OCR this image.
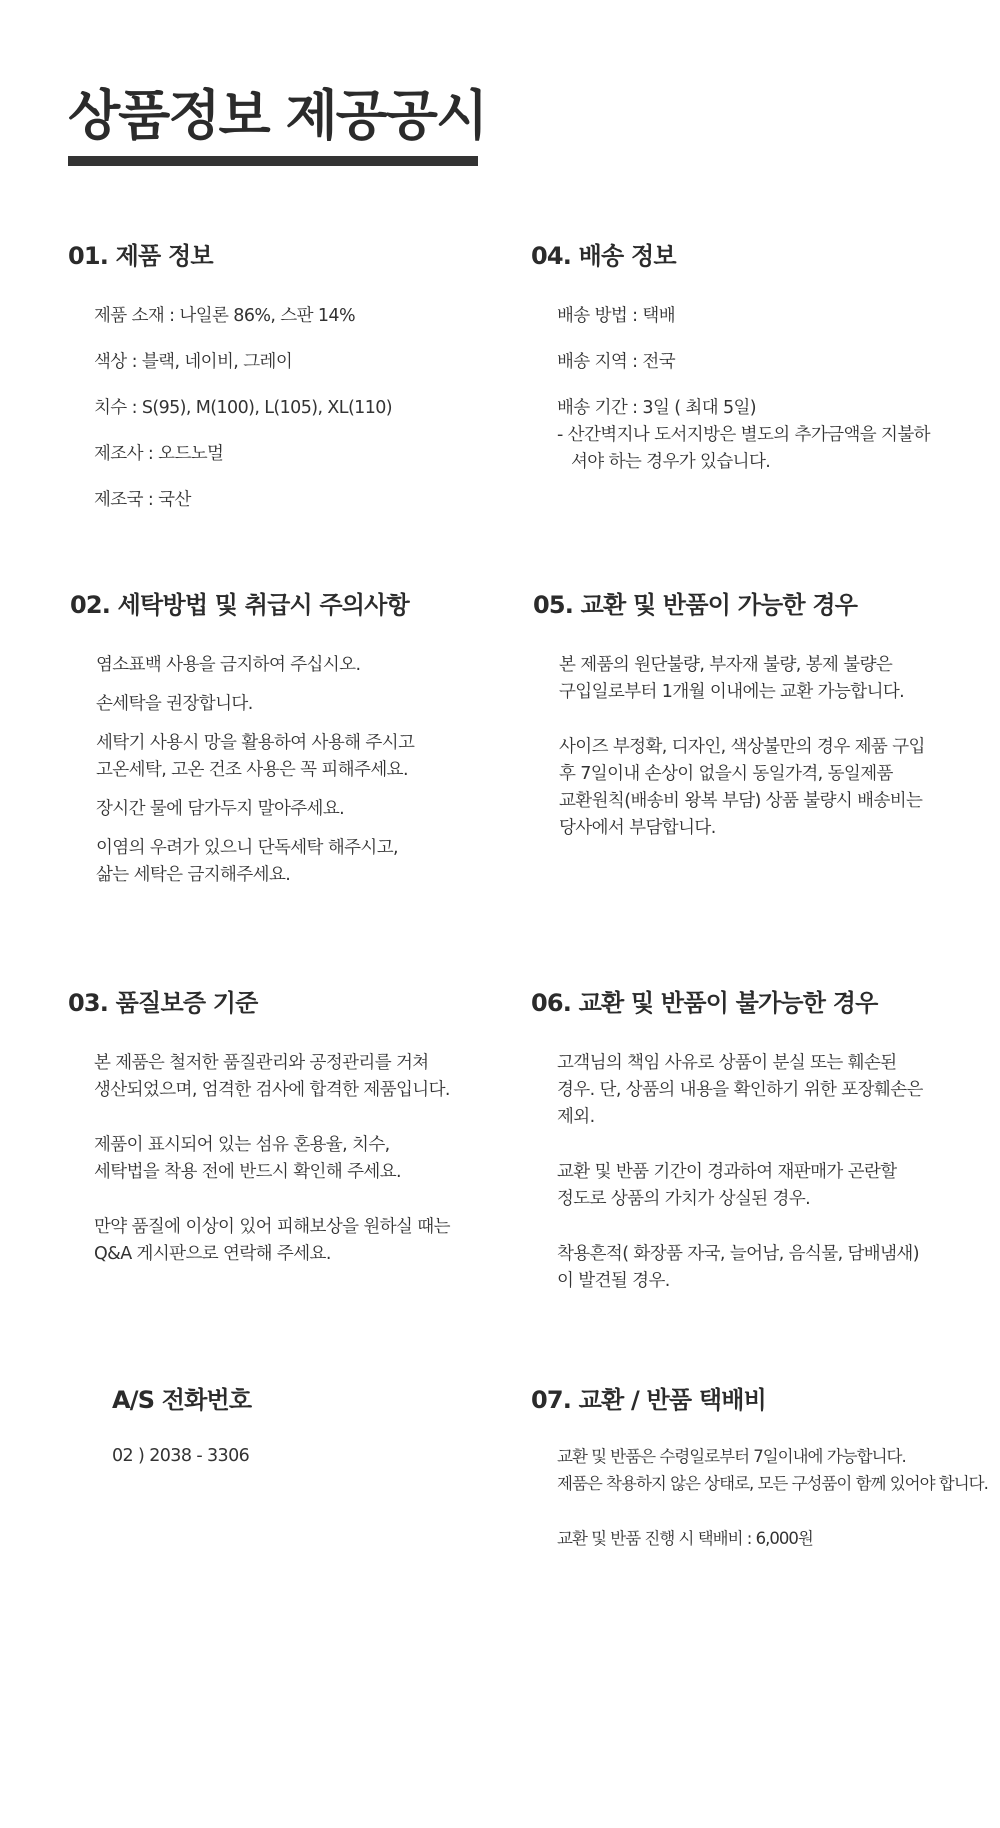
상품정보 제공공시
01. 제품 정보
제품 소재 : 나일론 86%, 스판 14%
색상 : 블랙, 네이비, 그레이
치수 : S(95), M(100), L(105), XL(110)
제조사 : 오드노멀
제조국 : 국산
02. 세탁방법 및 취급시 주의사항
염소표백 사용을 금지하여 주십시오.
손세탁을 권장합니다.
세탁기 사용시 망을 활용하여 사용해 주시고
고온세탁, 고온 건조 사용은 꼭 피해주세요.
장시간 물에 담가두지 말아주세요.
이염의 우려가 있으니 단독세탁 해주시고,
삶는 세탁은 금지해주세요.
03. 품질보증 기준
본 제품은 철저한 품질관리와 공정관리를 거쳐
생산되었으며, 엄격한 검사에 합격한 제품입니다.
제품이 표시되어 있는 섬유 혼용율, 치수,
세탁법을 착용 전에 반드시 확인해 주세요.
만약 품질에 이상이 있어 피해보상을 원하실 때는
Q&A 게시판으로 연락해 주세요.
A/S 전화번호
02 ) 2038 - 3306
04. 배송 정보
배송 방법 : 택배
배송 지역 : 전국
배송 기간 : 3일 ( 최대 5일)
- 산간벽지나 도서지방은 별도의 추가금액을 지불하
셔야 하는 경우가 있습니다.
05. 교환 및 반품이 가능한 경우
본 제품의 원단불량, 부자재 불량, 봉제 불량은
구입일로부터 1개월 이내에는 교환 가능합니다.
사이즈 부정확, 디자인, 색상불만의 경우 제품 구입
후 7일이내 손상이 없을시 동일가격, 동일제품
교환원칙(배송비 왕복 부담) 상품 불량시 배송비는
당사에서 부담합니다.
06. 교환 및 반품이 불가능한 경우
고객님의 책임 사유로 상품이 분실 또는 훼손된
경우. 단, 상품의 내용을 확인하기 위한 포장훼손은
제외.
교환 및 반품 기간이 경과하여 재판매가 곤란할
정도로 상품의 가치가 상실된 경우.
착용흔적( 화장품 자국, 늘어남, 음식물, 담배냄새)
이 발견될 경우.
07. 교환 / 반품 택배비
교환 및 반품은 수령일로부터 7일이내에 가능합니다.
제품은 착용하지 않은 상태로, 모든 구성품이 함께 있어야 합니다.
교환 및 반품 진행 시 택배비 : 6,000원
